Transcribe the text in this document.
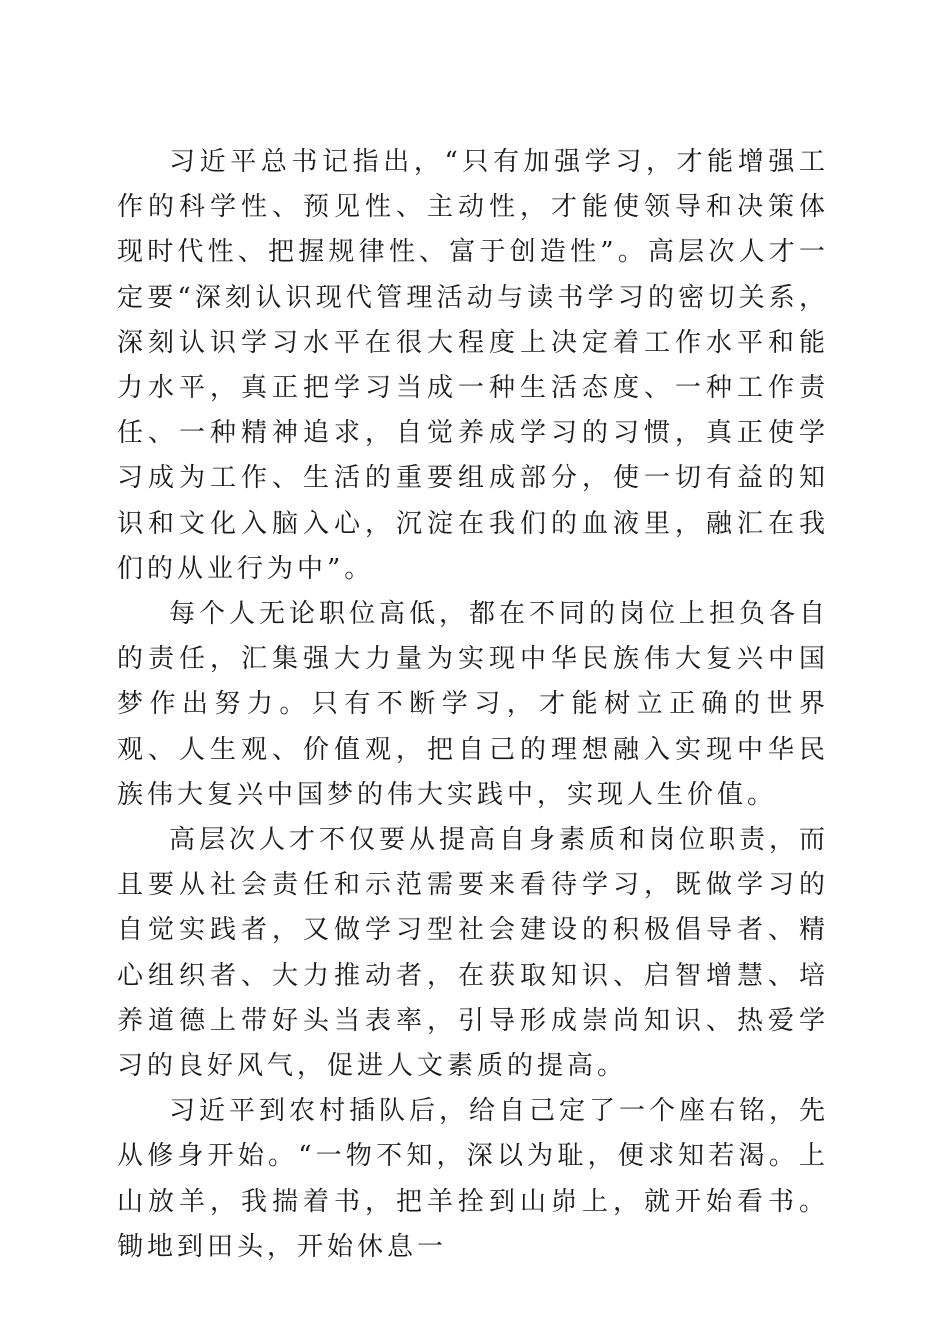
习近平总书记指出，“只有加强学习，才能增强工作的科学性、预见性、主动性，才能使领导和决策体现时代性、把握规律性、富于创造性”。高层次人才一定要“深刻认识现代管理活动与读书学习的密切关系，深刻认识学习水平在很大程度上决定着工作水平和能力水平，真正把学习当成一种生活态度、一种工作责任、一种精神追求，自觉养成学习的习惯，真正使学习成为工作、生活的重要组成部分，使一切有益的知识和文化入脑入心，沉淀在我们的血液里，融汇在我们的从业行为中”。

每个人无论职位高低，都在不同的岗位上担负各自的责任，汇集强大力量为实现中华民族伟大复兴中国梦作出努力。只有不断学习，才能树立正确的世界观、人生观、价值观，把自己的理想融入实现中华民族伟大复兴中国梦的伟大实践中，实现人生价值。

高层次人才不仅要从提高自身素质和岗位职责，而且要从社会责任和示范需要来看待学习，既做学习的自觉实践者，又做学习型社会建设的积极倡导者、精心组织者、大力推动者，在获取知识、启智增慧、培养道德上带好头当表率，引导形成崇尚知识、热爱学习的良好风气，促进人文素质的提高。

习近平到农村插队后，给自己定了一个座右铭，先从修身开始。“一物不知，深以为耻，便求知若渴。上山放羊，我揣着书，把羊拴到山峁上，就开始看书。锄地到田头，开始休息一
